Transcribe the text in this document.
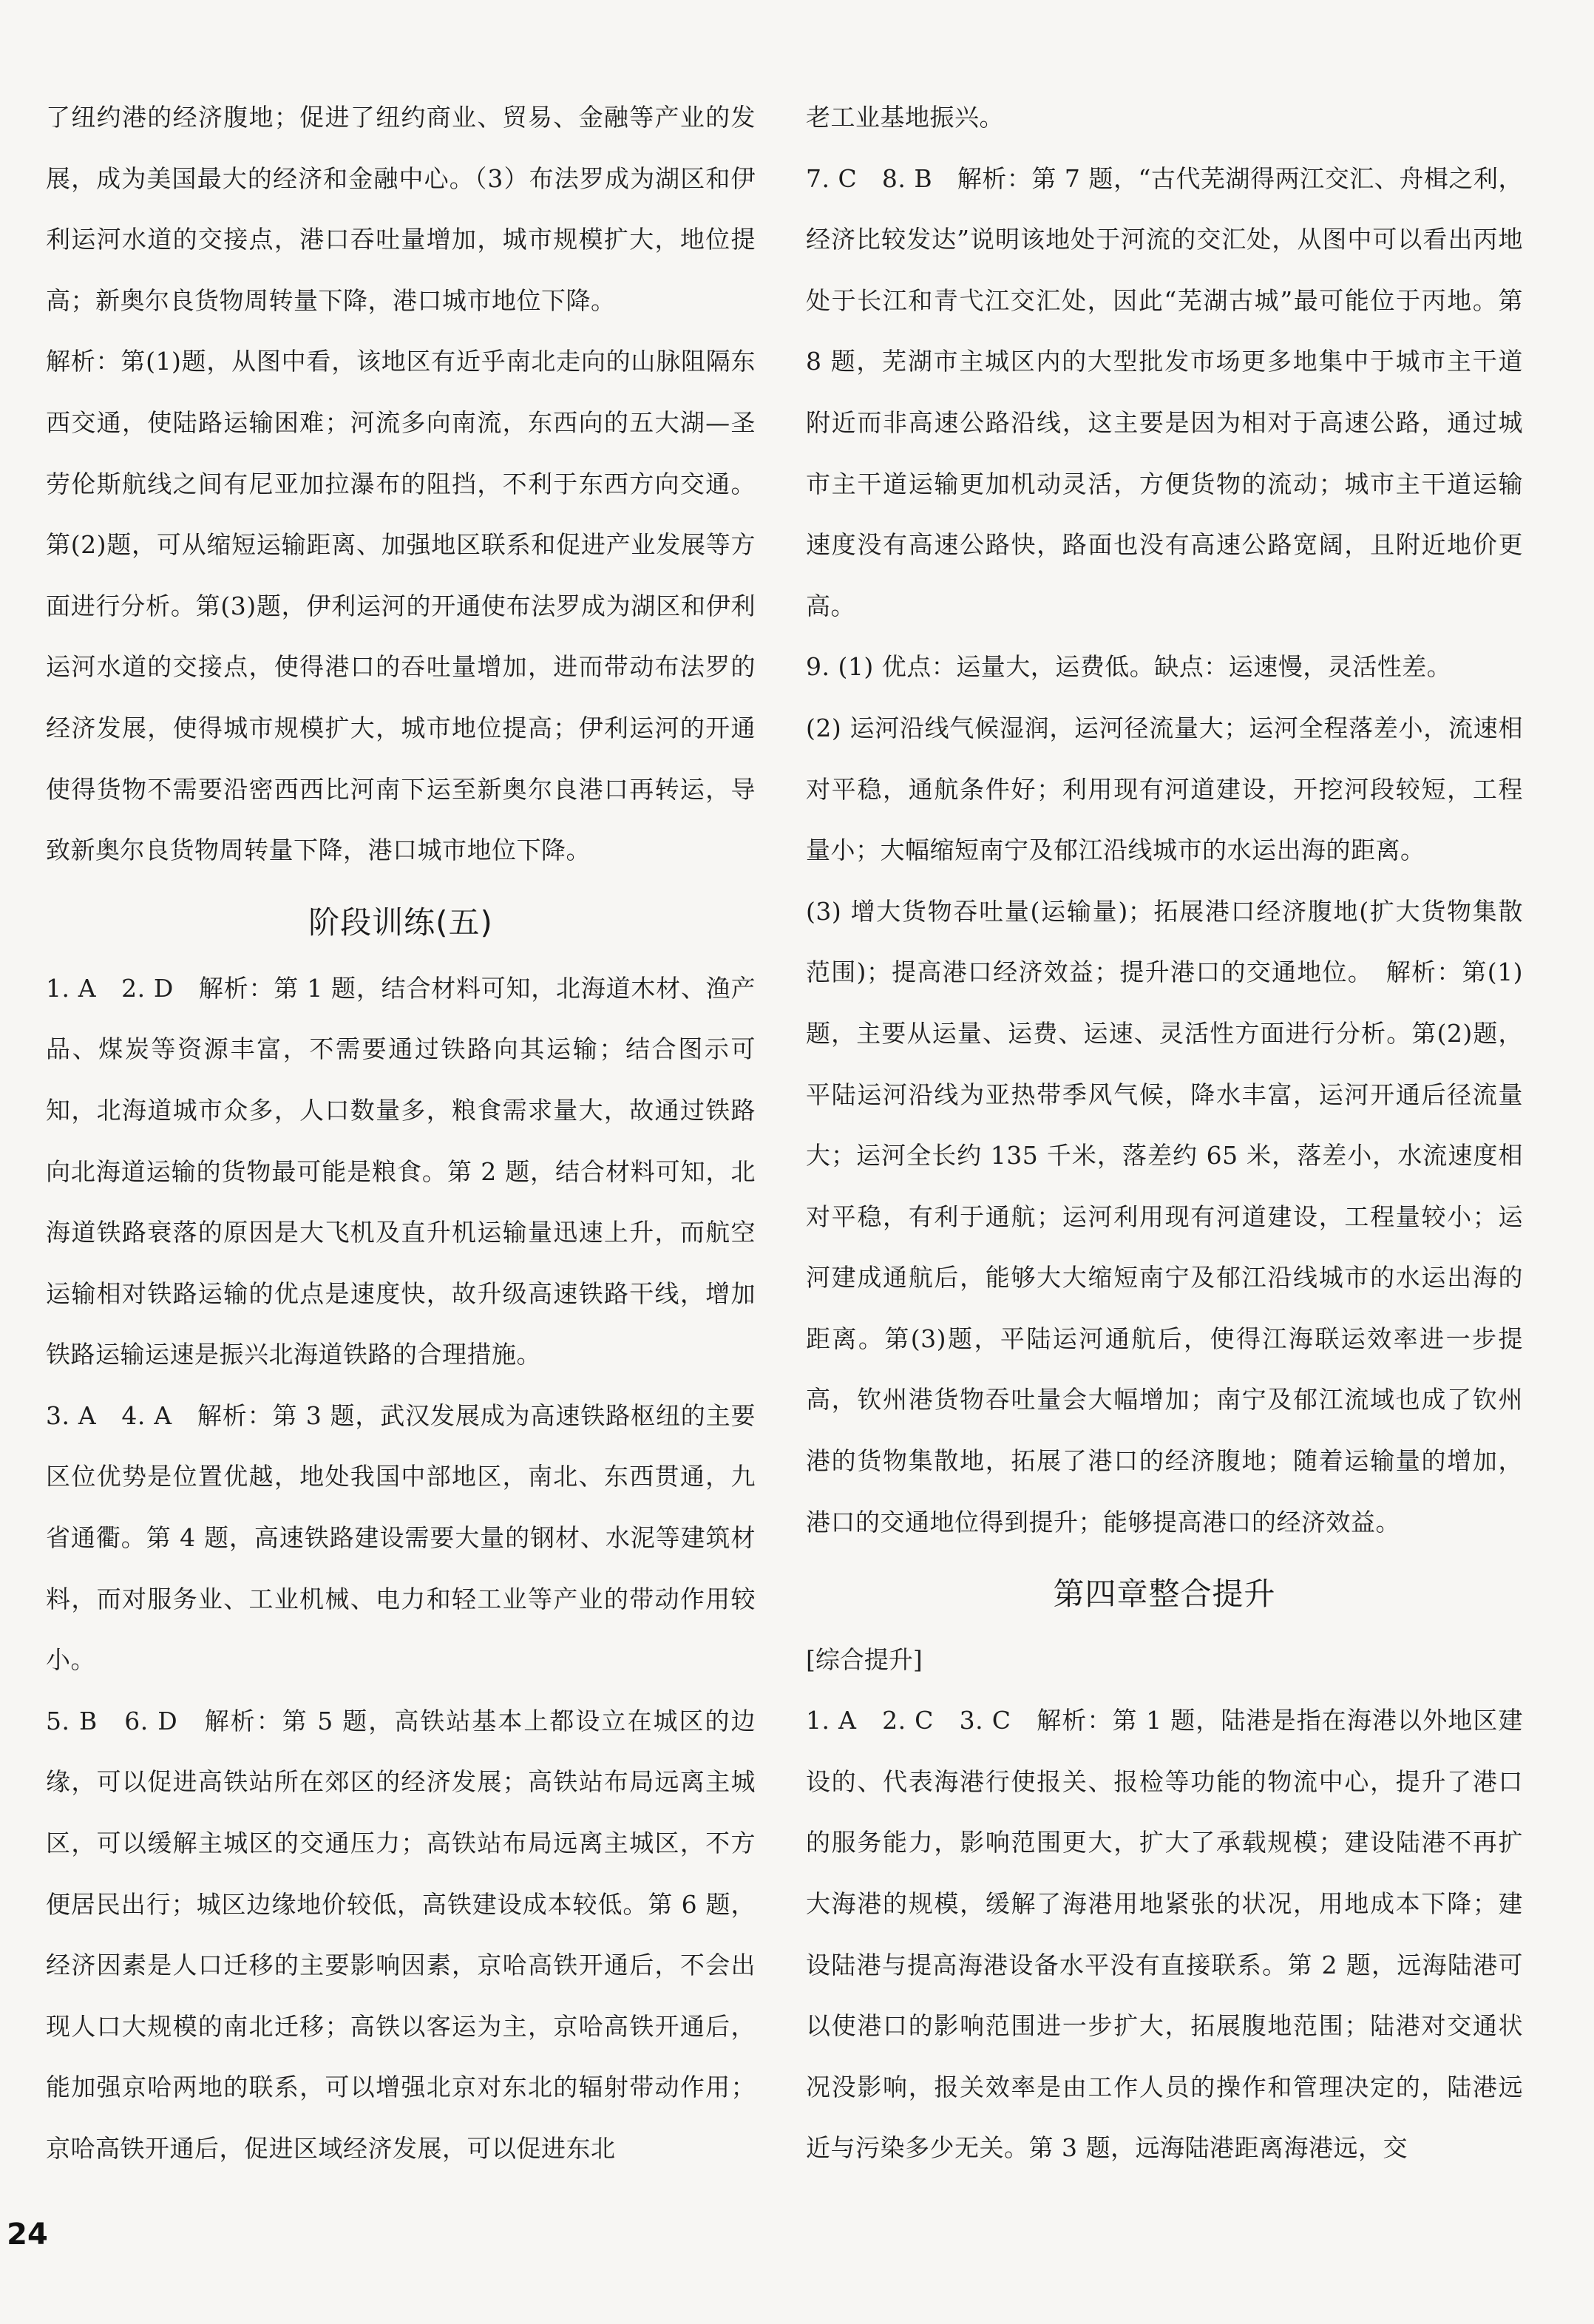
了纽约港的经济腹地；促进了纽约商业、贸易、金融等产业的发展，成为美国最大的经济和金融中心。（3）布法罗成为湖区和伊利运河水道的交接点，港口吞吐量增加，城市规模扩大，地位提高；新奥尔良货物周转量下降，港口城市地位下降。

解析：第(1)题，从图中看，该地区有近乎南北走向的山脉阻隔东西交通，使陆路运输困难；河流多向南流，东西向的五大湖—圣劳伦斯航线之间有尼亚加拉瀑布的阻挡，不利于东西方向交通。第(2)题，可从缩短运输距离、加强地区联系和促进产业发展等方面进行分析。第(3)题，伊利运河的开通使布法罗成为湖区和伊利运河水道的交接点，使得港口的吞吐量增加，进而带动布法罗的经济发展，使得城市规模扩大，城市地位提高；伊利运河的开通使得货物不需要沿密西西比河南下运至新奥尔良港口再转运，导致新奥尔良货物周转量下降，港口城市地位下降。

阶段训练(五)

1. A　2. D　解析：第 1 题，结合材料可知，北海道木材、渔产品、煤炭等资源丰富，不需要通过铁路向其运输；结合图示可知，北海道城市众多，人口数量多，粮食需求量大，故通过铁路向北海道运输的货物最可能是粮食。第 2 题，结合材料可知，北海道铁路衰落的原因是大飞机及直升机运输量迅速上升，而航空运输相对铁路运输的优点是速度快，故升级高速铁路干线，增加铁路运输运速是振兴北海道铁路的合理措施。

3. A　4. A　解析：第 3 题，武汉发展成为高速铁路枢纽的主要区位优势是位置优越，地处我国中部地区，南北、东西贯通，九省通衢。第 4 题，高速铁路建设需要大量的钢材、水泥等建筑材料，而对服务业、工业机械、电力和轻工业等产业的带动作用较小。

5. B　6. D　解析：第 5 题，高铁站基本上都设立在城区的边缘，可以促进高铁站所在郊区的经济发展；高铁站布局远离主城区，可以缓解主城区的交通压力；高铁站布局远离主城区，不方便居民出行；城区边缘地价较低，高铁建设成本较低。第 6 题，经济因素是人口迁移的主要影响因素，京哈高铁开通后，不会出现人口大规模的南北迁移；高铁以客运为主，京哈高铁开通后，能加强京哈两地的联系，可以增强北京对东北的辐射带动作用；京哈高铁开通后，促进区域经济发展，可以促进东北

老工业基地振兴。

7. C　8. B　解析：第 7 题，“古代芜湖得两江交汇、舟楫之利，经济比较发达”说明该地处于河流的交汇处，从图中可以看出丙地处于长江和青弋江交汇处，因此“芜湖古城”最可能位于丙地。第 8 题，芜湖市主城区内的大型批发市场更多地集中于城市主干道附近而非高速公路沿线，这主要是因为相对于高速公路，通过城市主干道运输更加机动灵活，方便货物的流动；城市主干道运输速度没有高速公路快，路面也没有高速公路宽阔，且附近地价更高。

9. (1) 优点：运量大，运费低。缺点：运速慢，灵活性差。

(2) 运河沿线气候湿润，运河径流量大；运河全程落差小，流速相对平稳，通航条件好；利用现有河道建设，开挖河段较短，工程量小；大幅缩短南宁及郁江沿线城市的水运出海的距离。

(3) 增大货物吞吐量(运输量)；拓展港口经济腹地(扩大货物集散范围)；提高港口经济效益；提升港口的交通地位。　解析：第(1)题，主要从运量、运费、运速、灵活性方面进行分析。第(2)题，平陆运河沿线为亚热带季风气候，降水丰富，运河开通后径流量大；运河全长约 135 千米，落差约 65 米，落差小，水流速度相对平稳，有利于通航；运河利用现有河道建设，工程量较小；运河建成通航后，能够大大缩短南宁及郁江沿线城市的水运出海的距离。第(3)题，平陆运河通航后，使得江海联运效率进一步提高，钦州港货物吞吐量会大幅增加；南宁及郁江流域也成了钦州港的货物集散地，拓展了港口的经济腹地；随着运输量的增加，港口的交通地位得到提升；能够提高港口的经济效益。

第四章整合提升
[综合提升]

1. A　2. C　3. C　解析：第 1 题，陆港是指在海港以外地区建设的、代表海港行使报关、报检等功能的物流中心，提升了港口的服务能力，影响范围更大，扩大了承载规模；建设陆港不再扩大海港的规模，缓解了海港用地紧张的状况，用地成本下降；建设陆港与提高海港设备水平没有直接联系。第 2 题，远海陆港可以使港口的影响范围进一步扩大，拓展腹地范围；陆港对交通状况没影响，报关效率是由工作人员的操作和管理决定的，陆港远近与污染多少无关。第 3 题，远海陆港距离海港远，交

24
